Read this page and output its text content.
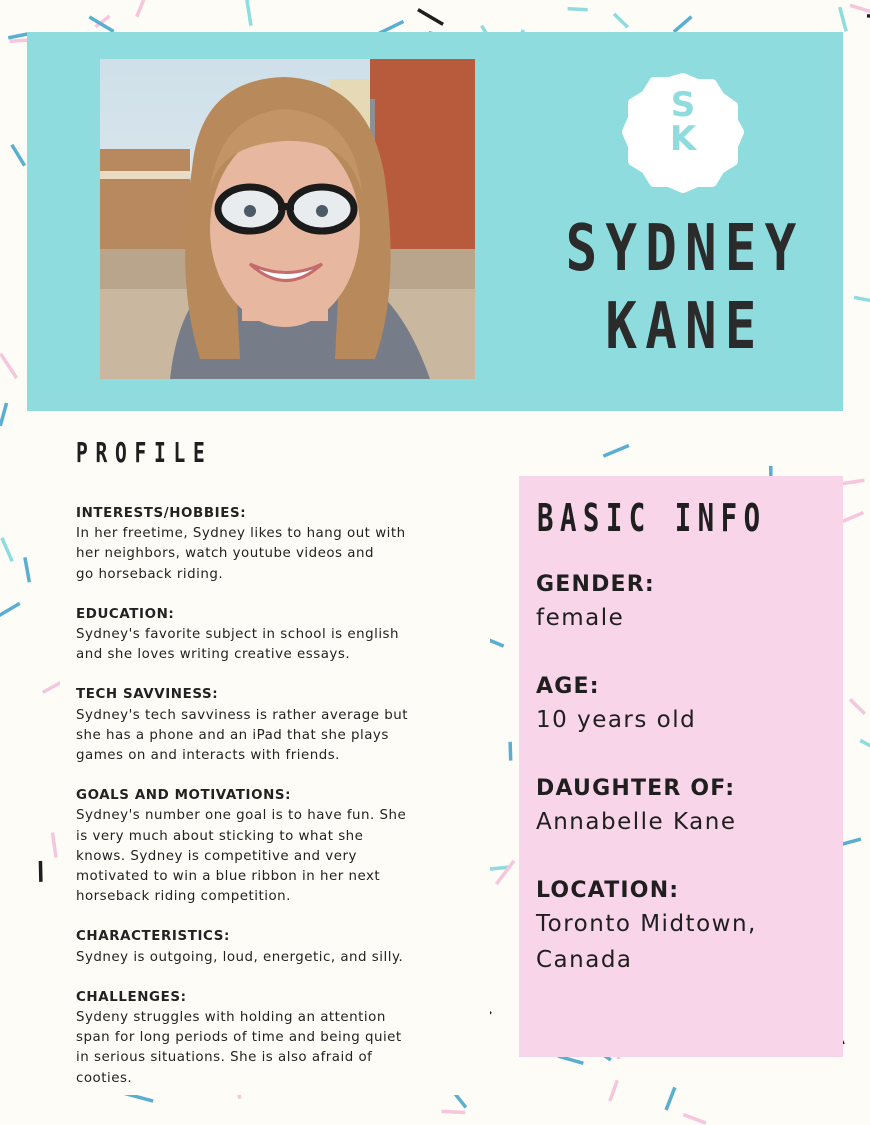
S
K
SYDNEY
KANE
PROFILE
INTERESTS/HOBBIES:
In her freetime, Sydney likes to hang out with
her neighbors, watch youtube videos and
go horseback riding.
EDUCATION:
Sydney's favorite subject in school is english
and she loves writing creative essays.
TECH SAVVINESS:
Sydney's tech savviness is rather average but
she has a phone and an iPad that she plays
games on and interacts with friends.
GOALS AND MOTIVATIONS:
Sydney's number one goal is to have fun. She
is very much about sticking to what she
knows. Sydney is competitive and very
motivated to win a blue ribbon in her next
horseback riding competition.
CHARACTERISTICS:
Sydney is outgoing, loud, energetic, and silly.
CHALLENGES:
Sydeny struggles with holding an attention
span for long periods of time and being quiet
in serious situations. She is also afraid of
cooties.
BASIC INFO
GENDER:
female
AGE:
10 years old
DAUGHTER OF:
Annabelle Kane
LOCATION:
Toronto Midtown,
Canada
